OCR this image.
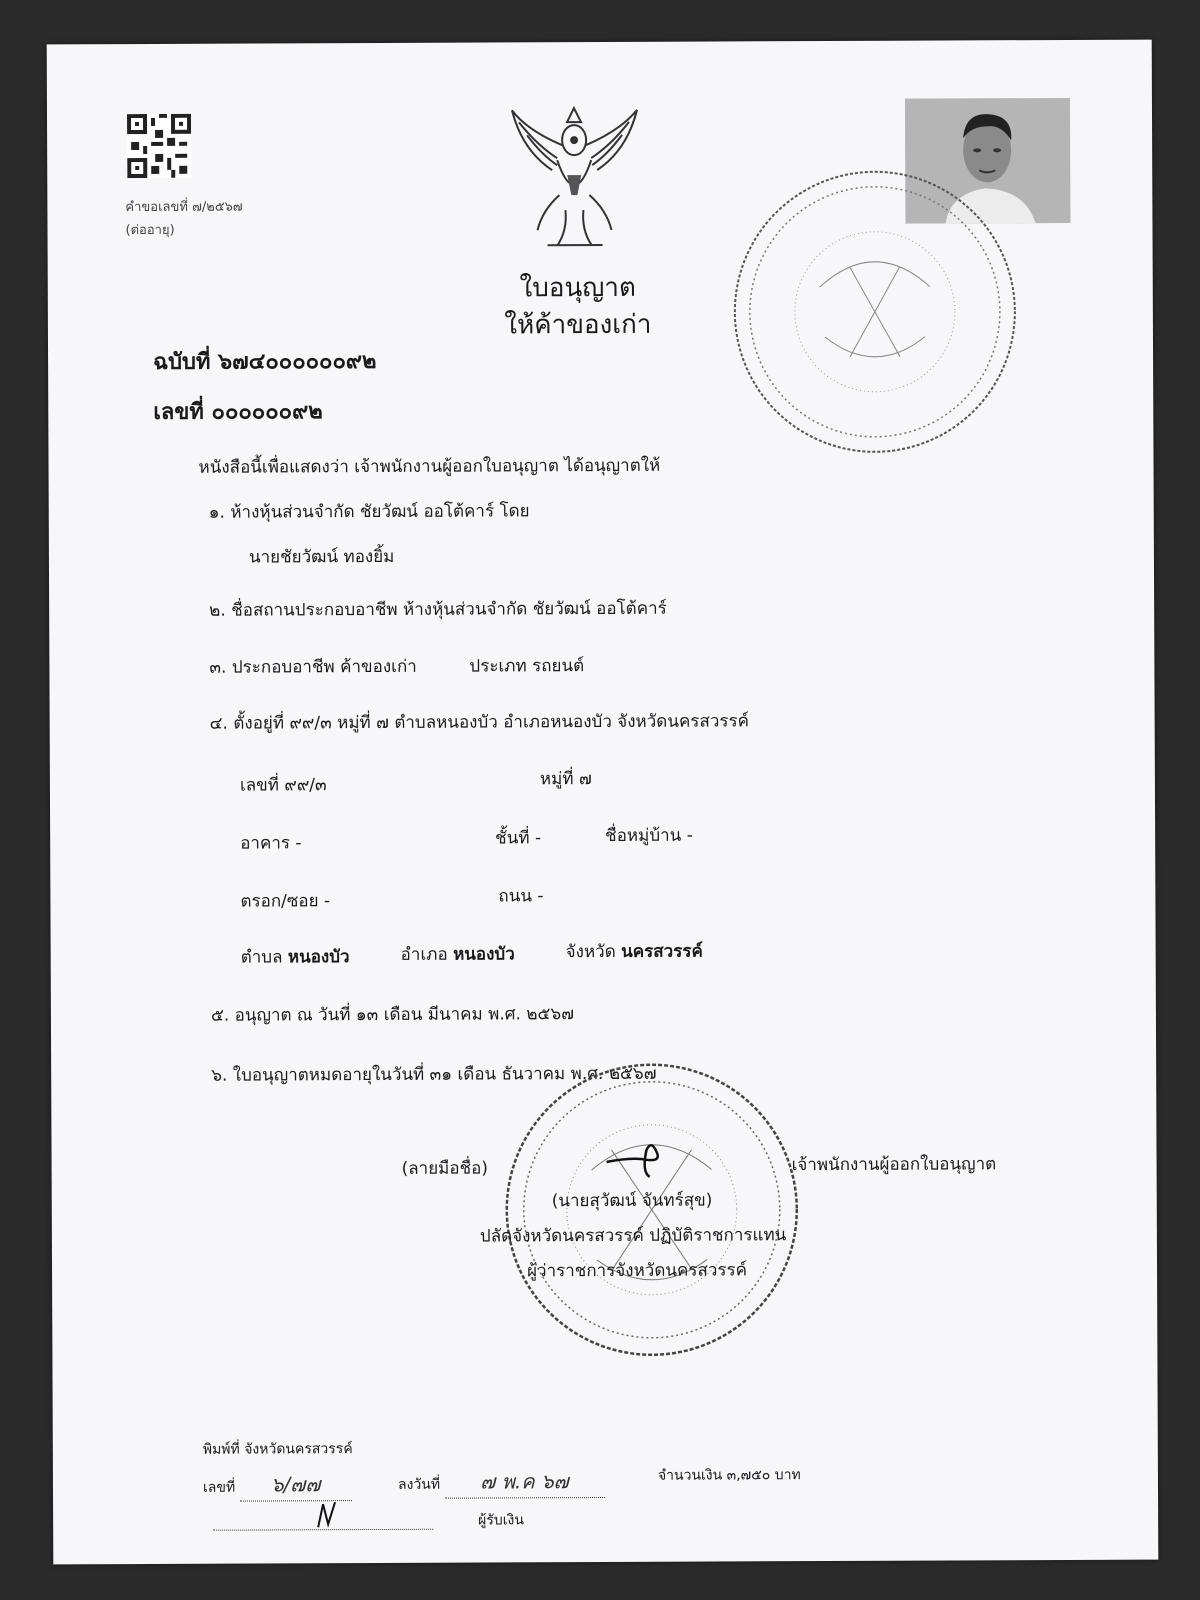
คำขอเลขที่ ๗/๒๕๖๗
(ต่ออายุ)
ใบอนุญาต
ให้ค้าของเก่า
ฉบับที่ ๖๗๔๐๐๐๐๐๐๙๒
เลขที่ ๐๐๐๐๐๐๙๒
หนังสือนี้เพื่อแสดงว่า เจ้าพนักงานผู้ออกใบอนุญาต ได้อนุญาตให้
๑. ห้างหุ้นส่วนจำกัด ชัยวัฒน์ ออโต้คาร์ โดย
นายชัยวัฒน์ ทองยิ้ม
๒. ชื่อสถานประกอบอาชีพ ห้างหุ้นส่วนจำกัด ชัยวัฒน์ ออโต้คาร์
๓. ประกอบอาชีพ ค้าของเก่า	ประเภท รถยนต์
๔. ตั้งอยู่ที่ ๙๙/๓ หมู่ที่ ๗ ตำบลหนองบัว อำเภอหนองบัว จังหวัดนครสวรรค์
เลขที่ ๙๙/๓	หมู่ที่ ๗
อาคาร -	ชั้นที่ -	ชื่อหมู่บ้าน -
ตรอก/ซอย -	ถนน -
ตำบล หนองบัว	อำเภอ หนองบัว	จังหวัด นครสวรรค์
๕. อนุญาต ณ วันที่ ๑๓ เดือน มีนาคม พ.ศ. ๒๕๖๗
๖. ใบอนุญาตหมดอายุในวันที่ ๓๑ เดือน ธันวาคม พ.ศ. ๒๕๖๗
(ลายมือชื่อ)	เจ้าพนักงานผู้ออกใบอนุญาต
(นายสุวัฒน์ จันทร์สุข)
ปลัดจังหวัดนครสวรรค์ ปฏิบัติราชการแทน
ผู้ว่าราชการจังหวัดนครสวรรค์
พิมพ์ที่ จังหวัดนครสวรรค์
เลขที่ ๖/๗๗	ลงวันที่ ๗ พ.ค ๖๗	จำนวนเงิน ๓,๗๕๐ บาท
ผู้รับเงิน
